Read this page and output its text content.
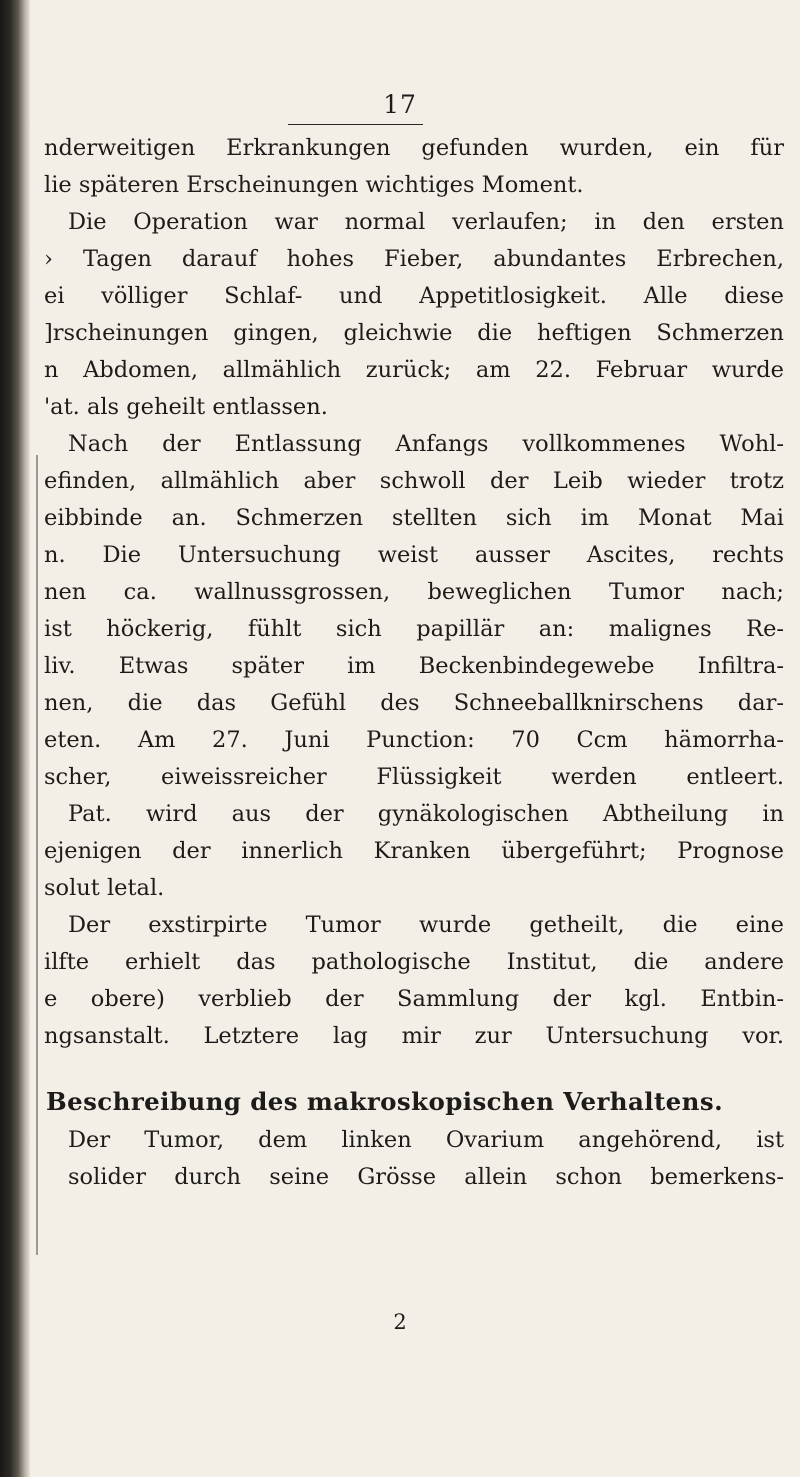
17
nderweitigen Erkrankungen gefunden wurden, ein für
lie späteren Erscheinungen wichtiges Moment.
Die Operation war normal verlaufen; in den ersten
› Tagen darauf hohes Fieber, abundantes Erbrechen,
ei völliger Schlaf- und Appetitlosigkeit. Alle diese
]rscheinungen gingen, gleichwie die heftigen Schmerzen
n Abdomen, allmählich zurück; am 22. Februar wurde
'at. als geheilt entlassen.
Nach der Entlassung Anfangs vollkommenes Wohl-
efinden, allmählich aber schwoll der Leib wieder trotz
eibbinde an. Schmerzen stellten sich im Monat Mai
n. Die Untersuchung weist ausser Ascites, rechts
nen ca. wallnussgrossen, beweglichen Tumor nach;
ist höckerig, fühlt sich papillär an: malignes Re-
liv. Etwas später im Beckenbindegewebe Infiltra-
nen, die das Gefühl des Schneeballknirschens dar-
eten. Am 27. Juni Punction: 70 Ccm hämorrha-
scher, eiweissreicher Flüssigkeit werden entleert.
Pat. wird aus der gynäkologischen Abtheilung in
ejenigen der innerlich Kranken übergeführt; Prognose
solut letal.
Der exstirpirte Tumor wurde getheilt, die eine
ilfte erhielt das pathologische Institut, die andere
e obere) verblieb der Sammlung der kgl. Entbin-
ngsanstalt. Letztere lag mir zur Untersuchung vor.
Beschreibung des makroskopischen Verhaltens.
Der Tumor, dem linken Ovarium angehörend, ist
solider durch seine Grösse allein schon bemerkens-
2
